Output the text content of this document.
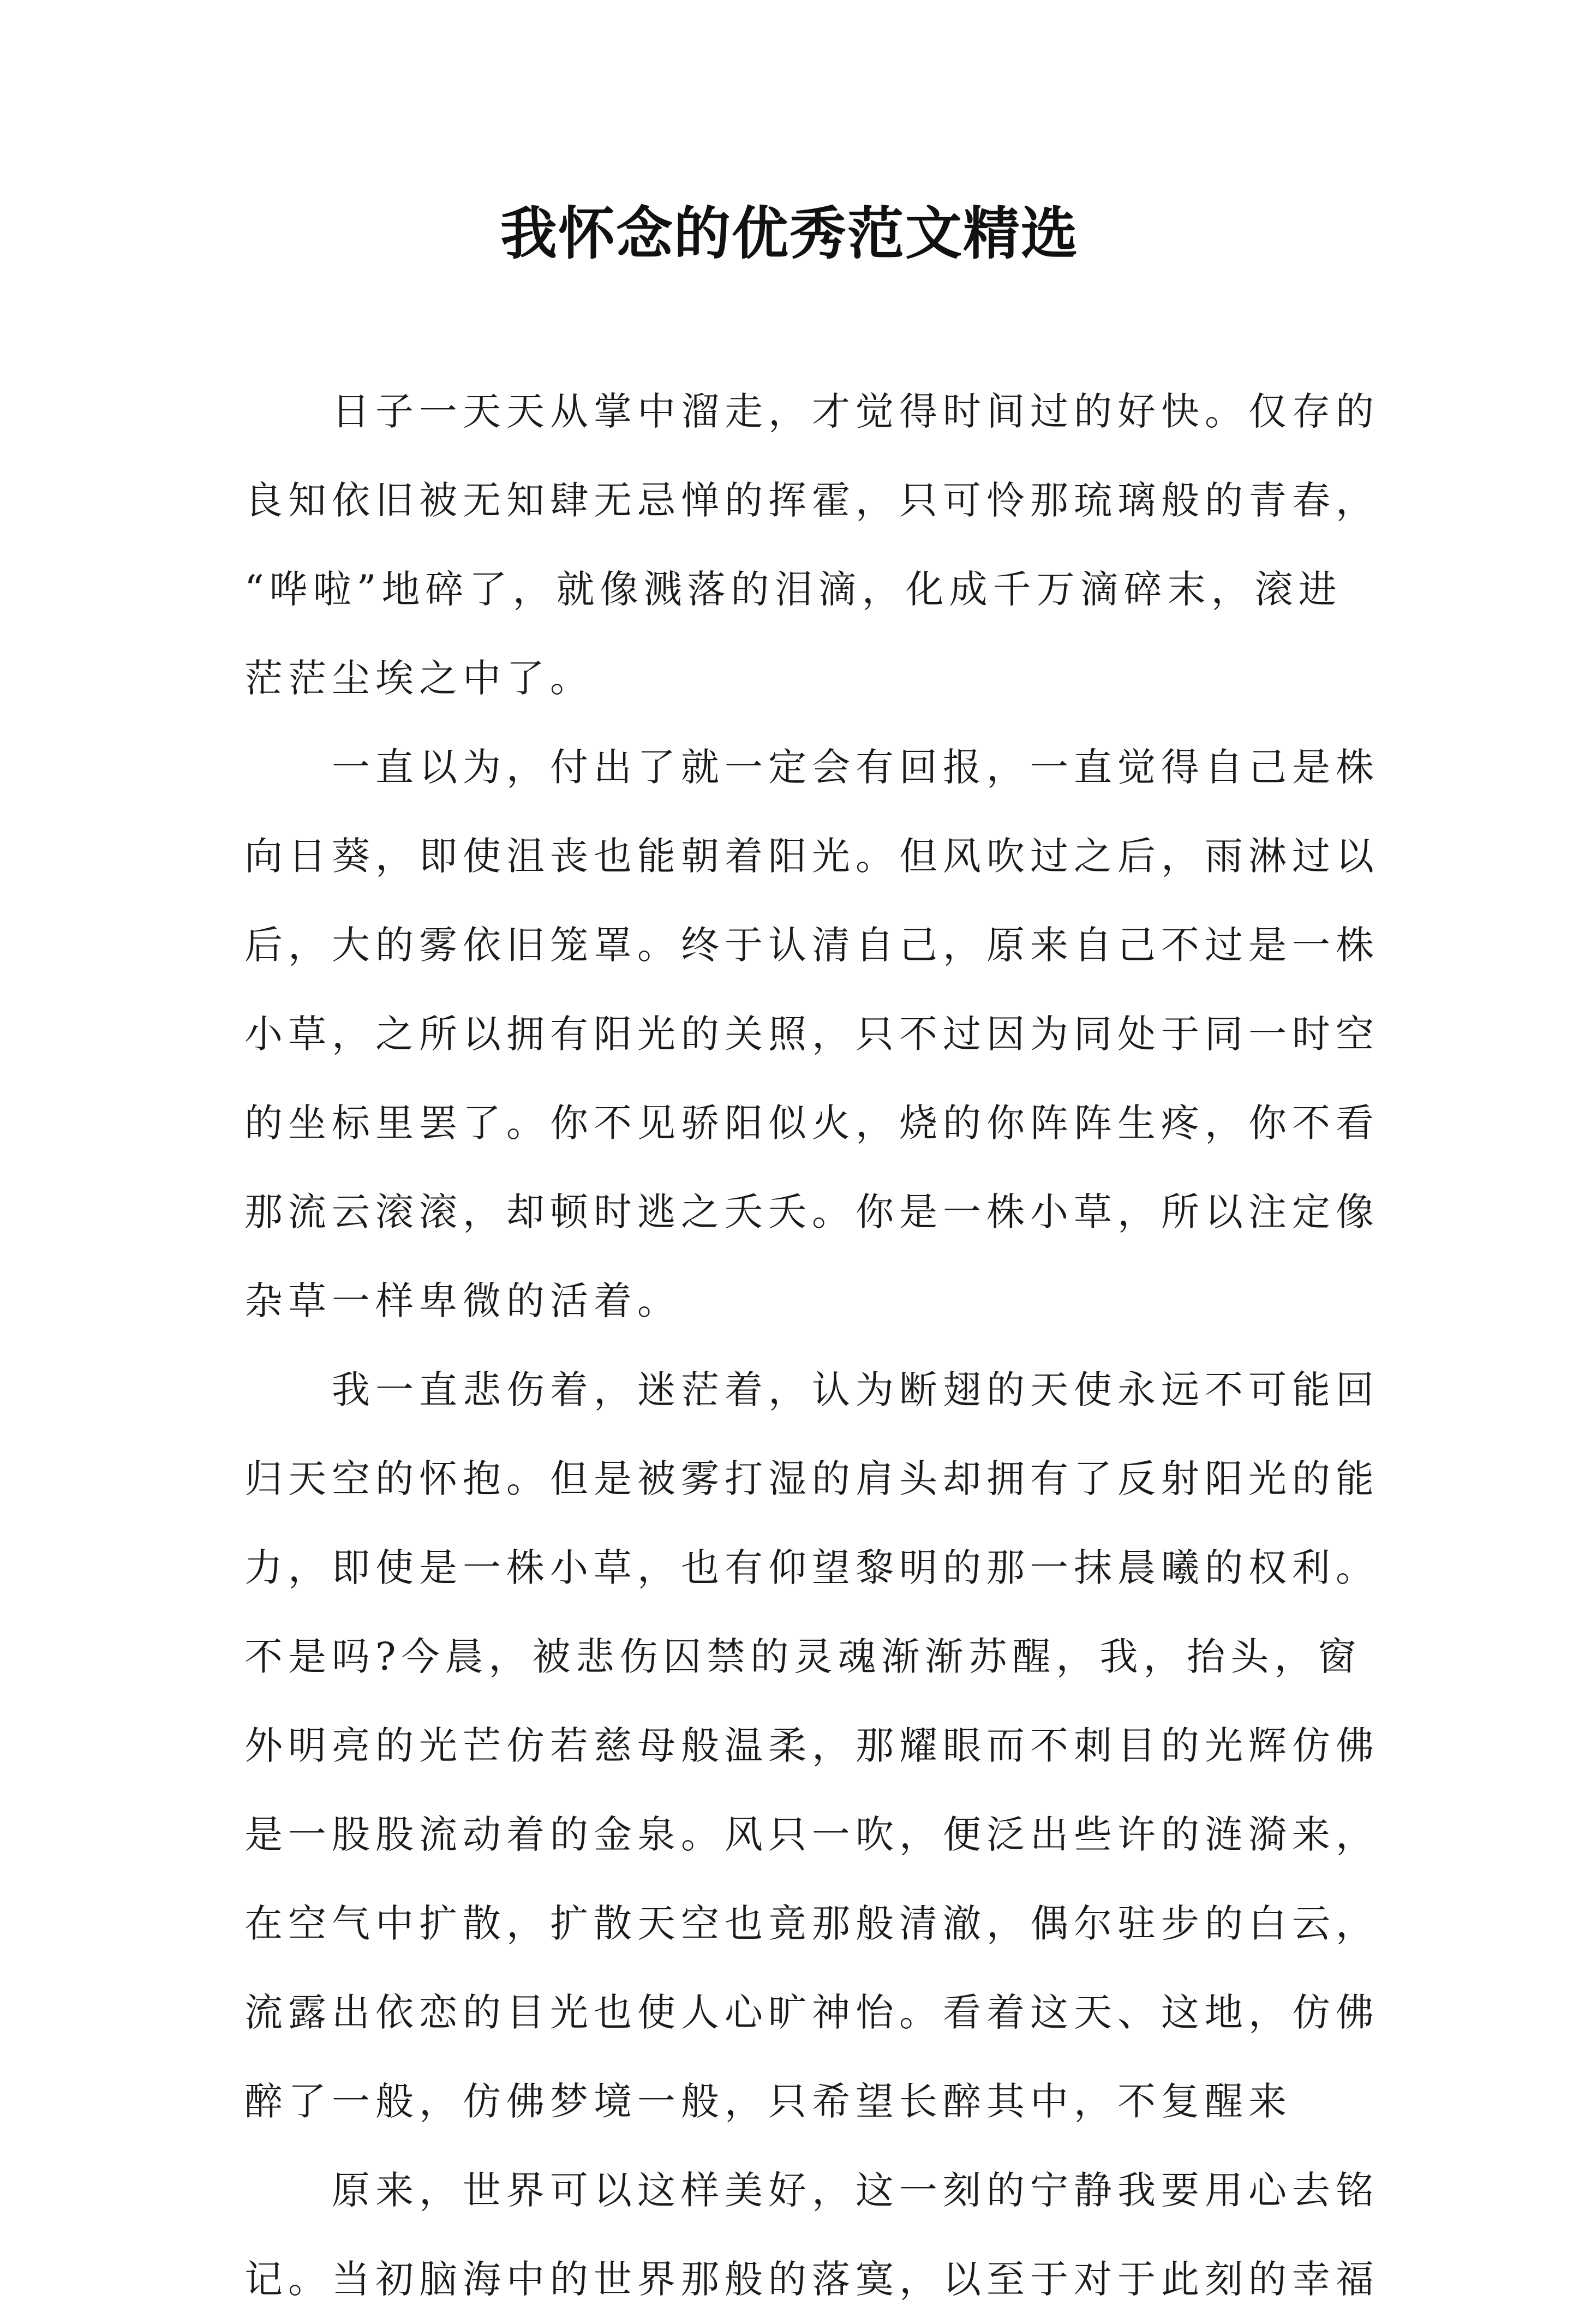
我怀念的优秀范文精选
日子一天天从掌中溜走，才觉得时间过的好快。仅存的
良知依旧被无知肆无忌惮的挥霍，只可怜那琉璃般的青春，
“哗啦”地碎了，就像溅落的泪滴，化成千万滴碎末，滚进
茫茫尘埃之中了。
一直以为，付出了就一定会有回报，一直觉得自己是株
向日葵，即使沮丧也能朝着阳光。但风吹过之后，雨淋过以
后，大的雾依旧笼罩。终于认清自己，原来自己不过是一株
小草，之所以拥有阳光的关照，只不过因为同处于同一时空
的坐标里罢了。你不见骄阳似火，烧的你阵阵生疼，你不看
那流云滚滚，却顿时逃之夭夭。你是一株小草，所以注定像
杂草一样卑微的活着。
我一直悲伤着，迷茫着，认为断翅的天使永远不可能回
归天空的怀抱。但是被雾打湿的肩头却拥有了反射阳光的能
力，即使是一株小草，也有仰望黎明的那一抹晨曦的权利。
不是吗?今晨，被悲伤囚禁的灵魂渐渐苏醒，我，抬头，窗
外明亮的光芒仿若慈母般温柔，那耀眼而不刺目的光辉仿佛
是一股股流动着的金泉。风只一吹，便泛出些许的涟漪来，
在空气中扩散，扩散天空也竟那般清澈，偶尔驻步的白云，
流露出依恋的目光也使人心旷神怡。看着这天、这地，仿佛
醉了一般，仿佛梦境一般，只希望长醉其中，不复醒来
原来，世界可以这样美好，这一刻的宁静我要用心去铭
记。当初脑海中的世界那般的落寞，以至于对于此刻的幸福
